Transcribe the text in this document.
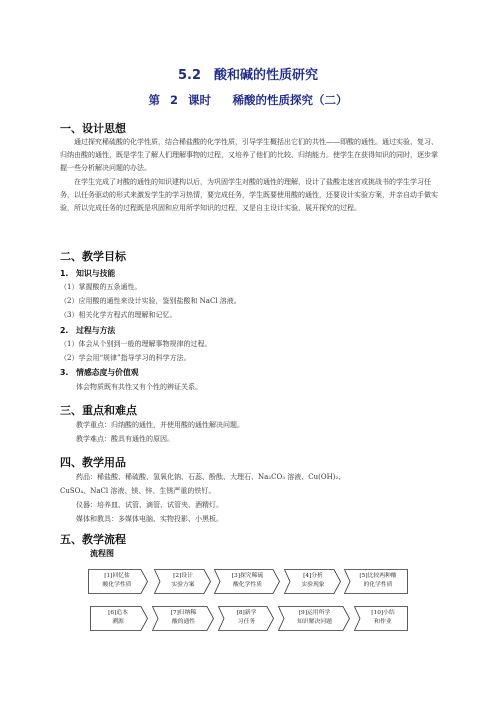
5.2　酸和碱的性质研究
第 2 课时　 稀酸的性质探究（二）
一、设计思想
通过探究稀硫酸的化学性质，结合稀盐酸的化学性质，引导学生概括出它们的共性——即酸的通性。通过实验、复习、归纳由酸的通性，既是学生了解人们理解事物的过程，又培养了他们的比较、归纳能力。使学生在获得知识的同时，逐步掌握一些分析解决问题的办法。
在学生完成了对酸的通性的知识建构以后，为巩固学生对酸的通性的理解，设计了盐酸走迷宫或挑战书的学生学习任务，以任务驱动的形式来激发学生的学习热情，要完成任务，学生既要使用酸的通性，还要设计实验方案，并亲自动手做实验，所以完成任务的过程既是巩固和应用所学知识的过程，又是自主设计实验、展开探究的过程。
二、教学目标
1.　知识与技能
（1）掌握酸的五条通性。
（2）应用酸的通性来设计实验，鉴别盐酸和 NaCl 溶液。
（3）相关化学方程式的理解和记忆。
2.　过程与方法
（1）体会从个别到一般的理解事物规律的过程。
（2）学会用“规律”指导学习的科学方法。
3.　情感态度与价值观
体会物质既有共性又有个性的辨证关系。
三、重点和难点
教学重点：归纳酸的通性，并使用酸的通性解决问题。
教学难点：酸具有通性的原因。
四、教学用品
药品：稀盐酸、稀硫酸、氢氧化钠、石蕊、酚酞、大理石、Na₂CO₃ 溶液、Cu(OH)₂、
CuSO₄、NaCl 溶液、镁、锌、生锈严重的铁钉。
仪器：培养皿、试管、滴管、试管夹、酒精灯。
媒体和教具：多媒体电脑、实物投影、小黑板。
五、教学流程
流程图
[1]回忆盐
酸化学性质
[2]设计
实验方案
[3]探究稀硫
酸化学性质
[4]分析
实验现象
[5]比较两种酸
的化学性质
[6]追本
溯源
[7]归纳稀
酸的通性
[8]新学
习任务
[9]运用所学
知识解决问题
[10]小结
和作业
